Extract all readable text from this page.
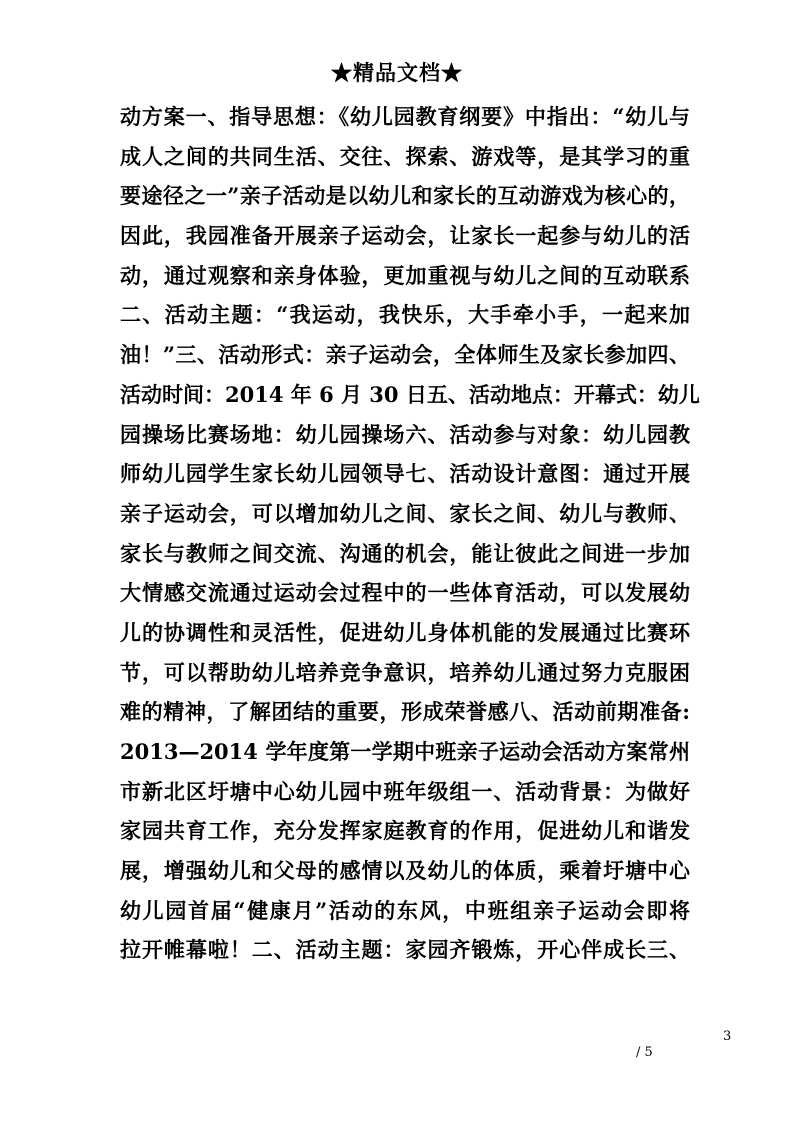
★精品文档★
动方案一、指导思想：《幼儿园教育纲要》中指出：“幼儿与
成人之间的共同生活、交往、探索、游戏等，是其学习的重
要途径之一”亲子活动是以幼儿和家长的互动游戏为核心的，
因此，我园准备开展亲子运动会，让家长一起参与幼儿的活
动，通过观察和亲身体验，更加重视与幼儿之间的互动联系
二、活动主题：“我运动，我快乐，大手牵小手，一起来加
油！”三、活动形式：亲子运动会，全体师生及家长参加四、
活动时间：2014 年 6 月 30 日五、活动地点：开幕式：幼儿
园操场比赛场地：幼儿园操场六、活动参与对象：幼儿园教
师幼儿园学生家长幼儿园领导七、活动设计意图：通过开展
亲子运动会，可以增加幼儿之间、家长之间、幼儿与教师、
家长与教师之间交流、沟通的机会，能让彼此之间进一步加
大情感交流通过运动会过程中的一些体育活动，可以发展幼
儿的协调性和灵活性，促进幼儿身体机能的发展通过比赛环
节，可以帮助幼儿培养竞争意识，培养幼儿通过努力克服困
难的精神，了解团结的重要，形成荣誉感八、活动前期准备:
2013—2014 学年度第一学期中班亲子运动会活动方案常州
市新北区圩塘中心幼儿园中班年级组一、活动背景：为做好
家园共育工作，充分发挥家庭教育的作用，促进幼儿和谐发
展，增强幼儿和父母的感情以及幼儿的体质，乘着圩塘中心
幼儿园首届“健康月”活动的东风，中班组亲子运动会即将
拉开帷幕啦！二、活动主题：家园齐锻炼，开心伴成长三、
3
/ 5
